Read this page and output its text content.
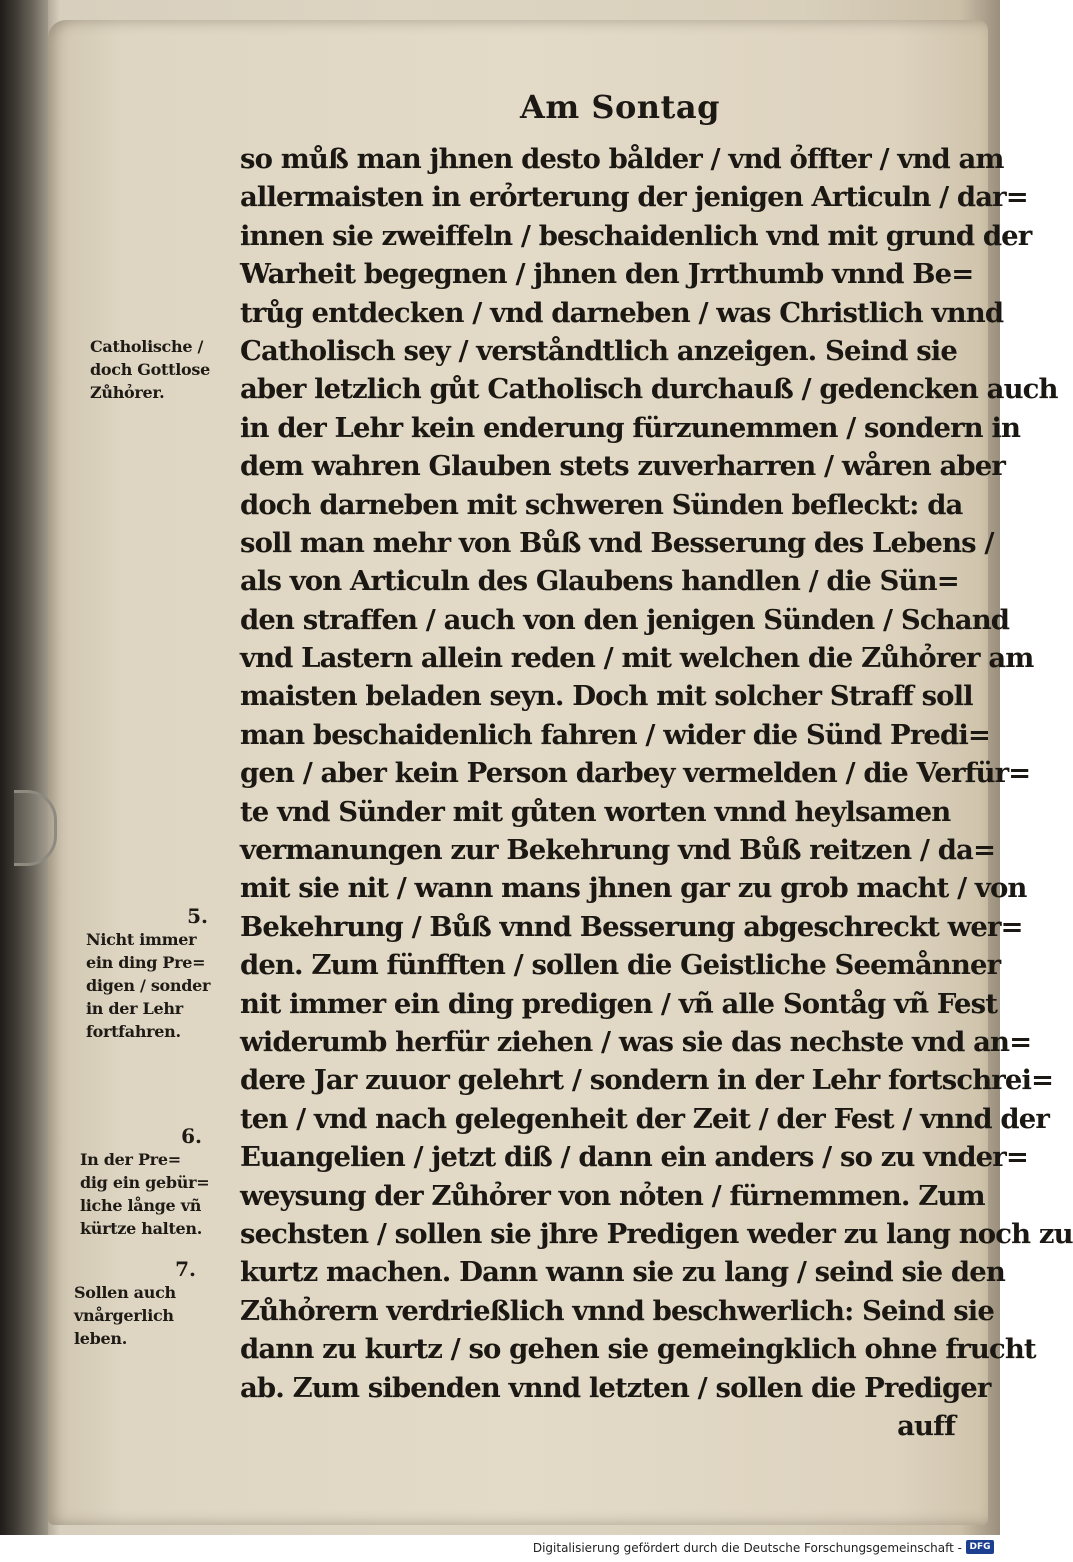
Am Sontag
so můß man jhnen desto bålder / vnd ỏffter / vnd am
allermaisten in erỏrterung der jenigen Articuln / dar=
innen sie zweiffeln / beschaidenlich vnd mit grund der
Warheit begegnen / jhnen den Jrrthumb vnnd Be=
trůg entdecken / vnd darneben / was Christlich vnnd
Catholisch sey / verståndtlich anzeigen. Seind sie
aber letzlich gůt Catholisch durchauß / gedencken auch
in der Lehr kein enderung fürzunemmen / sondern in
dem wahren Glauben stets zuverharren / wåren aber
doch darneben mit schweren Sünden befleckt: da
soll man mehr von Bůß vnd Besserung des Lebens /
als von Articuln des Glaubens handlen / die Sün=
den straffen / auch von den jenigen Sünden / Schand
vnd Lastern allein reden / mit welchen die Zůhỏrer am
maisten beladen seyn. Doch mit solcher Straff soll
man beschaidenlich fahren / wider die Sünd Predi=
gen / aber kein Person darbey vermelden / die Verfür=
te vnd Sünder mit gůten worten vnnd heylsamen
vermanungen zur Bekehrung vnd Bůß reitzen / da=
mit sie nit / wann mans jhnen gar zu grob macht / von
Bekehrung / Bůß vnnd Besserung abgeschreckt wer=
den. Zum fünfften / sollen die Geistliche Seemånner
nit immer ein ding predigen / vñ alle Sontåg vñ Fest
widerumb herfür ziehen / was sie das nechste vnd an=
dere Jar zuuor gelehrt / sondern in der Lehr fortschrei=
ten / vnd nach gelegenheit der Zeit / der Fest / vnnd der
Euangelien / jetzt diß / dann ein anders / so zu vnder=
weysung der Zůhỏrer von nỏten / fürnemmen. Zum
sechsten / sollen sie jhre Predigen weder zu lang noch zu
kurtz machen. Dann wann sie zu lang / seind sie den
Zůhỏrern verdrießlich vnnd beschwerlich: Seind sie
dann zu kurtz / so gehen sie gemeingklich ohne frucht
ab. Zum sibenden vnnd letzten / sollen die Prediger
auff
Catholische /
doch Gottlose
Zůhỏrer.
5.
Nicht immer
ein ding Pre=
digen / sonder
in der Lehr
fortfahren.
6.
In der Pre=
dig ein gebür=
liche långe vñ
kürtze halten.
7.
Sollen auch
vnårgerlich
leben.
Digitalisierung gefördert durch die Deutsche Forschungsgemeinschaft - DFG
